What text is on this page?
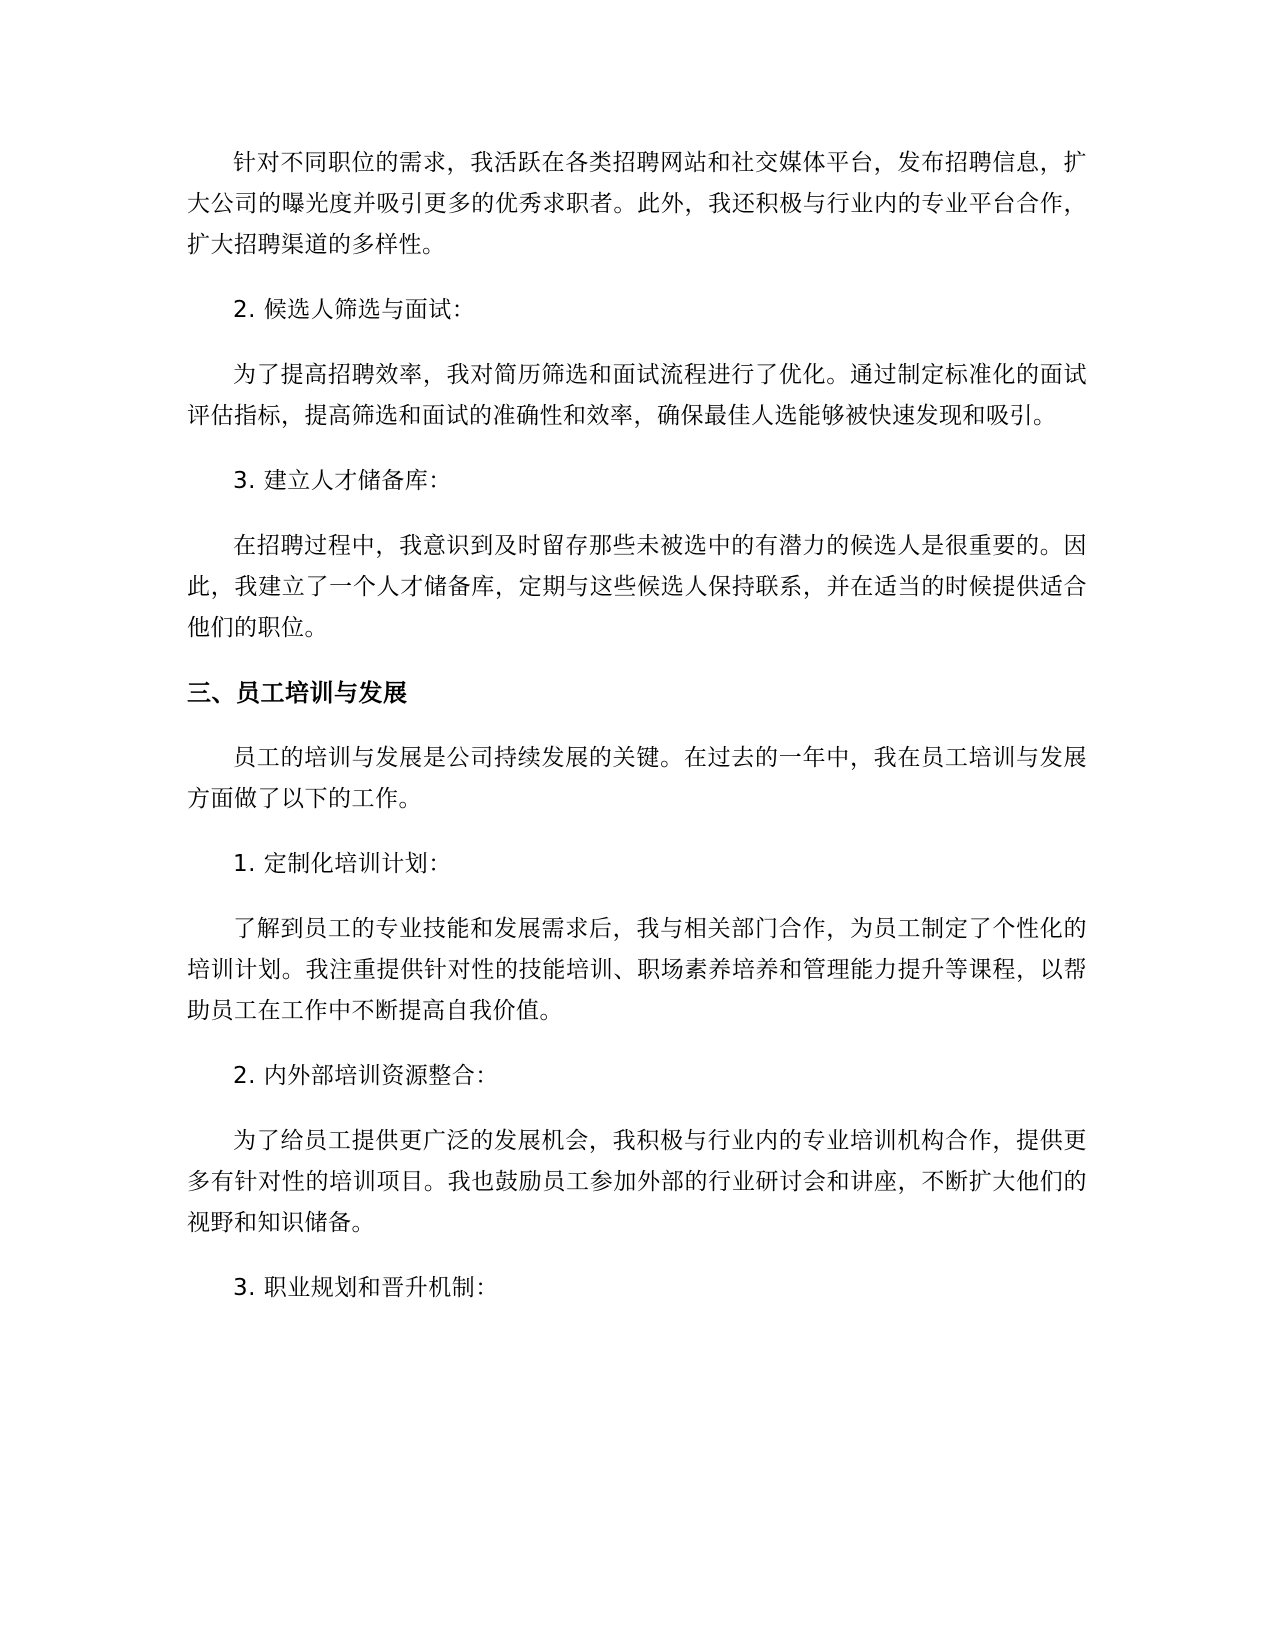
针对不同职位的需求，我活跃在各类招聘网站和社交媒体平台，发布招聘信息，扩大公司的曝光度并吸引更多的优秀求职者。此外，我还积极与行业内的专业平台合作，扩大招聘渠道的多样性。

2. 候选人筛选与面试：

为了提高招聘效率，我对简历筛选和面试流程进行了优化。通过制定标准化的面试评估指标，提高筛选和面试的准确性和效率，确保最佳人选能够被快速发现和吸引。

3. 建立人才储备库：

在招聘过程中，我意识到及时留存那些未被选中的有潜力的候选人是很重要的。因此，我建立了一个人才储备库，定期与这些候选人保持联系，并在适当的时候提供适合他们的职位。

三、员工培训与发展

员工的培训与发展是公司持续发展的关键。在过去的一年中，我在员工培训与发展方面做了以下的工作。

1. 定制化培训计划：

了解到员工的专业技能和发展需求后，我与相关部门合作，为员工制定了个性化的培训计划。我注重提供针对性的技能培训、职场素养培养和管理能力提升等课程，以帮助员工在工作中不断提高自我价值。

2. 内外部培训资源整合：

为了给员工提供更广泛的发展机会，我积极与行业内的专业培训机构合作，提供更多有针对性的培训项目。我也鼓励员工参加外部的行业研讨会和讲座，不断扩大他们的视野和知识储备。

3. 职业规划和晋升机制：
